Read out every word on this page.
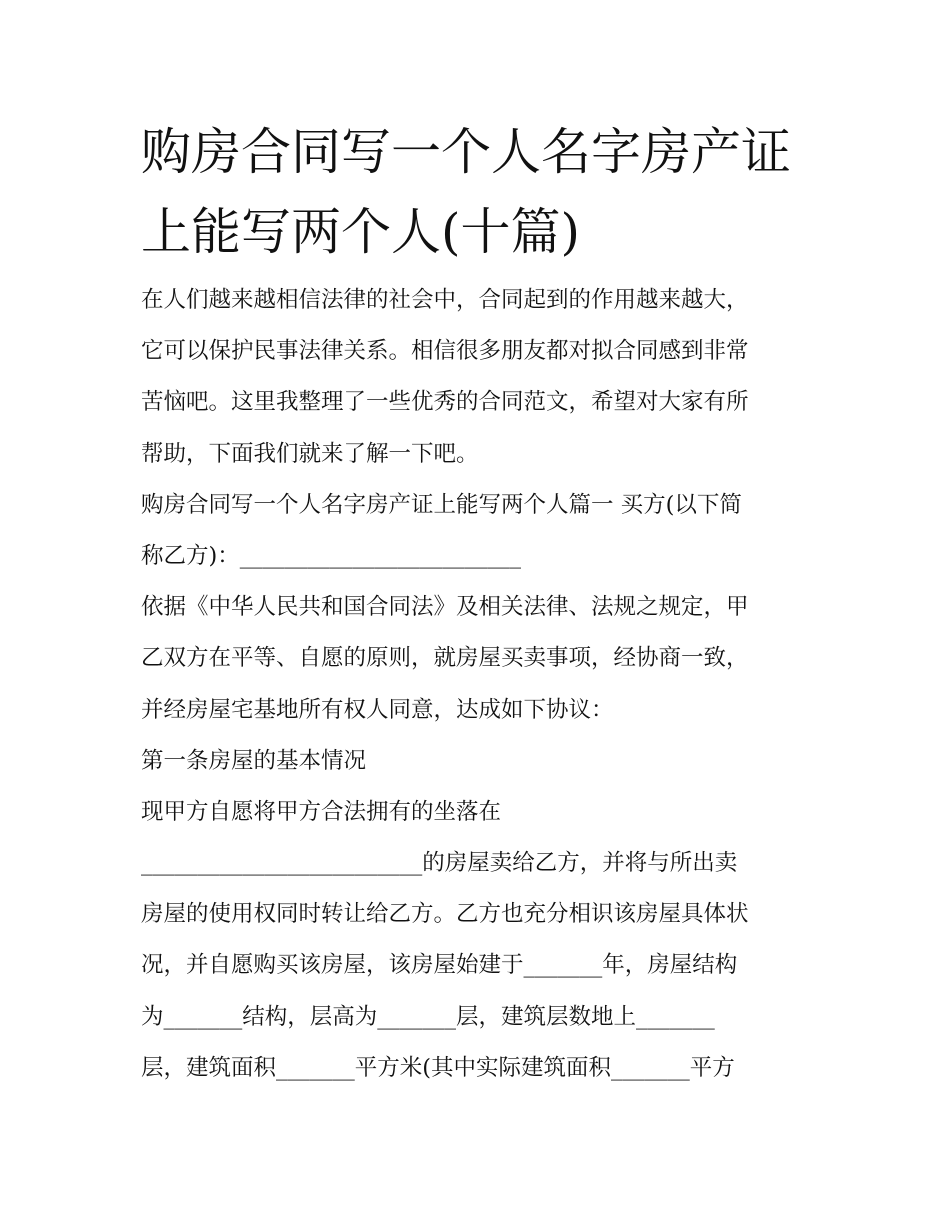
购房合同写一个人名字房产证
上能写两个人(十篇)
在人们越来越相信法律的社会中，合同起到的作用越来越大，
它可以保护民事法律关系。相信很多朋友都对拟合同感到非常
苦恼吧。这里我整理了一些优秀的合同范文，希望对大家有所
帮助，下面我们就来了解一下吧。
购房合同写一个人名字房产证上能写两个人篇一 买方(以下简
称乙方)：_________________________
依据《中华人民共和国合同法》及相关法律、法规之规定，甲
乙双方在平等、自愿的原则，就房屋买卖事项，经协商一致，
并经房屋宅基地所有权人同意，达成如下协议：
第一条房屋的基本情况
现甲方自愿将甲方合法拥有的坐落在
_________________________的房屋卖给乙方，并将与所出卖
房屋的使用权同时转让给乙方。乙方也充分相识该房屋具体状
况，并自愿购买该房屋，该房屋始建于_______年，房屋结构
为_______结构，层高为_______层，建筑层数地上_______
层，建筑面积_______平方米(其中实际建筑面积_______平方
